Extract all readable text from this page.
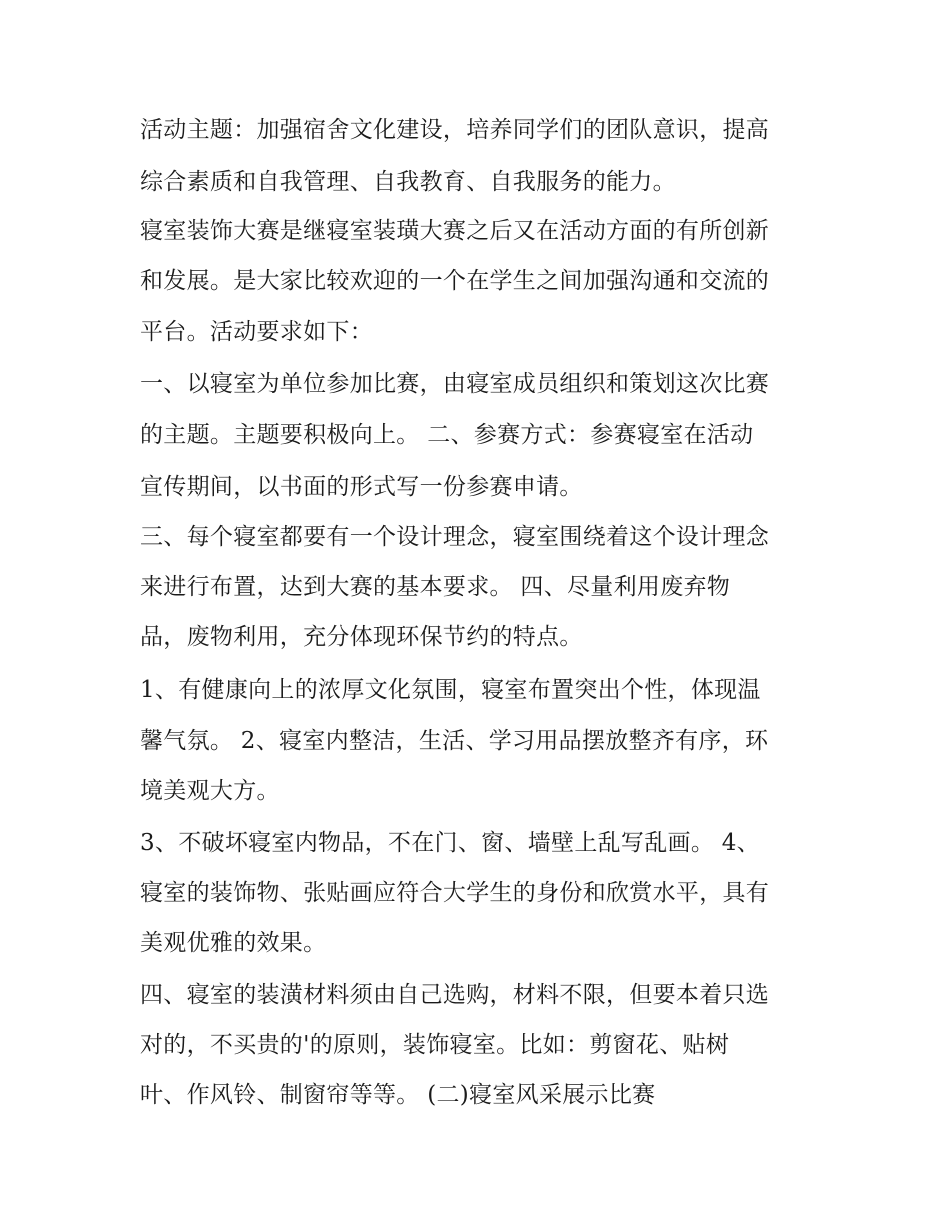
活动主题：加强宿舍文化建设，培养同学们的团队意识，提高
综合素质和自我管理、自我教育、自我服务的能力。
寝室装饰大赛是继寝室装璜大赛之后又在活动方面的有所创新
和发展。是大家比较欢迎的一个在学生之间加强沟通和交流的
平台。活动要求如下：
一、以寝室为单位参加比赛，由寝室成员组织和策划这次比赛
的主题。主题要积极向上。 二、参赛方式：参赛寝室在活动
宣传期间，以书面的形式写一份参赛申请。
三、每个寝室都要有一个设计理念，寝室围绕着这个设计理念
来进行布置，达到大赛的基本要求。 四、尽量利用废弃物
品，废物利用，充分体现环保节约的特点。
1、有健康向上的浓厚文化氛围，寝室布置突出个性，体现温
馨气氛。 2、寝室内整洁，生活、学习用品摆放整齐有序，环
境美观大方。
3、不破坏寝室内物品，不在门、窗、墙壁上乱写乱画。 4、
寝室的装饰物、张贴画应符合大学生的身份和欣赏水平，具有
美观优雅的效果。
四、寝室的装潢材料须由自己选购，材料不限，但要本着只选
对的，不买贵的'的原则，装饰寝室。比如：剪窗花、贴树
叶、作风铃、制窗帘等等。 (二)寝室风采展示比赛
